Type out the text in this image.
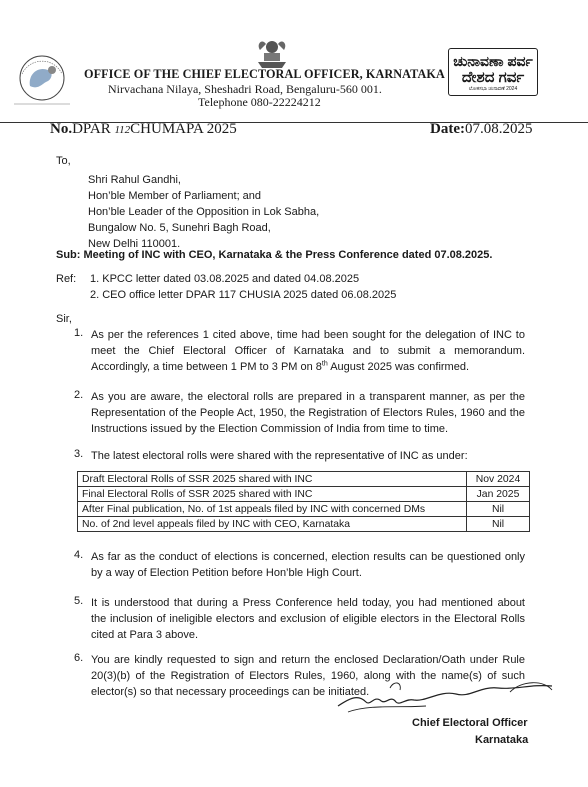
OFFICE OF THE CHIEF ELECTORAL OFFICER, KARNATAKA
Nirvachana Nilaya, Sheshadri Road, Bengaluru-560 001.
Telephone 080-22224212
ಚುನಾವಣಾ ಪರ್ವ
ದೇಶದ ಗರ್ವ
ಲೋಕಸಭಾ ಚುನಾವಣೆ 2024
No.DPAR 112CHUMAPA 2025	Date:07.08.2025
To,
Shri Rahul Gandhi,
Hon’ble Member of Parliament; and
Hon’ble Leader of the Opposition in Lok Sabha,
Bungalow No. 5, Sunehri Bagh Road,
New Delhi 110001.
Sub: Meeting of INC with CEO, Karnataka & the Press Conference dated 07.08.2025.
Ref: 1. KPCC letter dated 03.08.2025 and dated 04.08.2025
2. CEO office letter DPAR 117 CHUSIA 2025 dated 06.08.2025
Sir,
1. As per the references 1 cited above, time had been sought for the delegation of INC to
meet the Chief Electoral Officer of Karnataka and to submit a memorandum.
Accordingly, a time between 1 PM to 3 PM on 8th August 2025 was confirmed.
2. As you are aware, the electoral rolls are prepared in a transparent manner, as per the
Representation of the People Act, 1950, the Registration of Electors Rules, 1960 and the
Instructions issued by the Election Commission of India from time to time.
3. The latest electoral rolls were shared with the representative of INC as under:
Draft Electoral Rolls of SSR 2025 shared with INC	Nov 2024
Final Electoral Rolls of SSR 2025 shared with INC	Jan 2025
After Final publication, No. of 1st appeals filed by INC with concerned DMs	Nil
No. of 2nd level appeals filed by INC with CEO, Karnataka	Nil
4. As far as the conduct of elections is concerned, election results can be questioned only
by a way of Election Petition before Hon’ble High Court.
5. It is understood that during a Press Conference held today, you had mentioned about
the inclusion of ineligible electors and exclusion of eligible electors in the Electoral Rolls
cited at Para 3 above.
6. You are kindly requested to sign and return the enclosed Declaration/Oath under Rule
20(3)(b) of the Registration of Electors Rules, 1960, along with the name(s) of such
elector(s) so that necessary proceedings can be initiated.
Chief Electoral Officer
Karnataka
